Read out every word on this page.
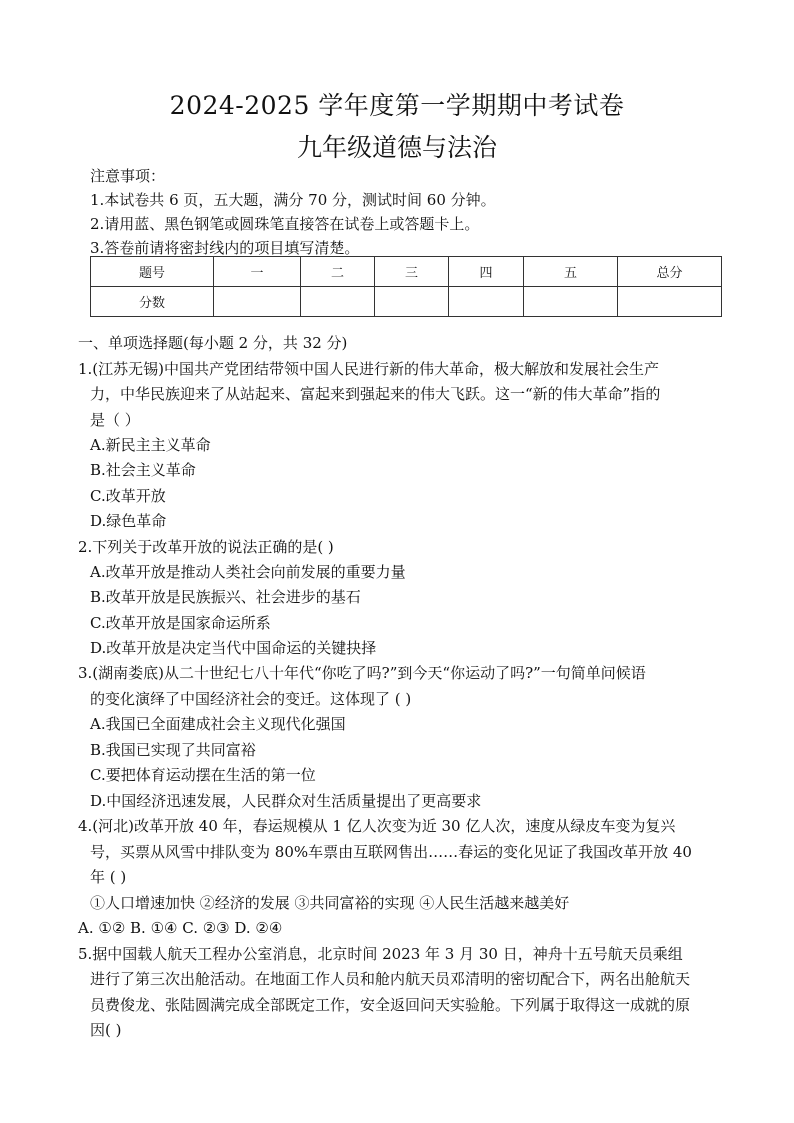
2024-2025 学年度第一学期期中考试卷
九年级道德与法治
注意事项：
1.本试卷共 6 页，五大题，满分 70 分，测试时间 60 分钟。
2.请用蓝、黑色钢笔或圆珠笔直接答在试卷上或答题卡上。
3.答卷前请将密封线内的项目填写清楚。
题号	一	二	三	四	五	总分
分数						
一、单项选择题(每小题 2 分，共 32 分)
1.(江苏无锡)中国共产党团结带领中国人民进行新的伟大革命，极大解放和发展社会生产
力，中华民族迎来了从站起来、富起来到强起来的伟大飞跃。这一“新的伟大革命”指的
是（ ）
A.新民主主义革命
B.社会主义革命
C.改革开放
D.绿色革命
2.下列关于改革开放的说法正确的是( )
A.改革开放是推动人类社会向前发展的重要力量
B.改革开放是民族振兴、社会进步的基石
C.改革开放是国家命运所系
D.改革开放是决定当代中国命运的关键抉择
3.(湖南娄底)从二十世纪七八十年代“你吃了吗?”到今天“你运动了吗?”一句简单问候语
的变化演绎了中国经济社会的变迁。这体现了 ( )
A.我国已全面建成社会主义现代化强国
B.我国已实现了共同富裕
C.要把体育运动摆在生活的第一位
D.中国经济迅速发展，人民群众对生活质量提出了更高要求
4.(河北)改革开放 40 年，春运规模从 1 亿人次变为近 30 亿人次，速度从绿皮车变为复兴
号，买票从风雪中排队变为 80%车票由互联网售出……春运的变化见证了我国改革开放 40
年 ( )
①人口增速加快 ②经济的发展 ③共同富裕的实现 ④人民生活越来越美好
A. ①② B. ①④ C. ②③ D. ②④
5.据中国载人航天工程办公室消息，北京时间 2023 年 3 月 30 日，神舟十五号航天员乘组
进行了第三次出舱活动。在地面工作人员和舱内航天员邓清明的密切配合下，两名出舱航天
员费俊龙、张陆圆满完成全部既定工作，安全返回问天实验舱。下列属于取得这一成就的原
因( )
